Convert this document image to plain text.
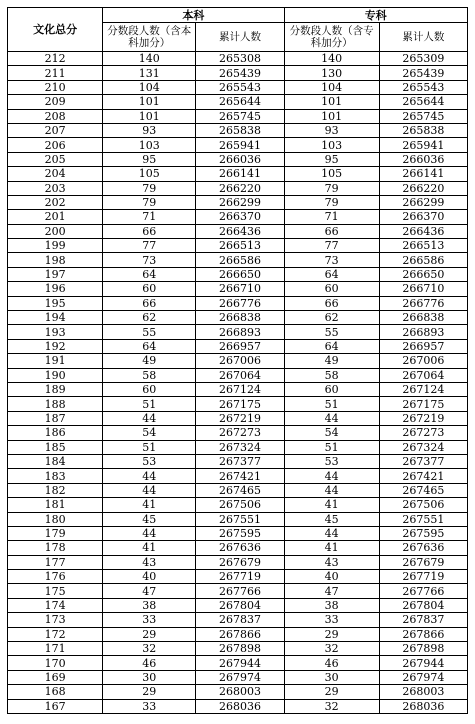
文化总分	本科		专科	
	分数段人数（含本科加分）	累计人数	分数段人数（含专科加分）	累计人数
212	140	265308	140	265309
211	131	265439	130	265439
210	104	265543	104	265543
209	101	265644	101	265644
208	101	265745	101	265745
207	93	265838	93	265838
206	103	265941	103	265941
205	95	266036	95	266036
204	105	266141	105	266141
203	79	266220	79	266220
202	79	266299	79	266299
201	71	266370	71	266370
200	66	266436	66	266436
199	77	266513	77	266513
198	73	266586	73	266586
197	64	266650	64	266650
196	60	266710	60	266710
195	66	266776	66	266776
194	62	266838	62	266838
193	55	266893	55	266893
192	64	266957	64	266957
191	49	267006	49	267006
190	58	267064	58	267064
189	60	267124	60	267124
188	51	267175	51	267175
187	44	267219	44	267219
186	54	267273	54	267273
185	51	267324	51	267324
184	53	267377	53	267377
183	44	267421	44	267421
182	44	267465	44	267465
181	41	267506	41	267506
180	45	267551	45	267551
179	44	267595	44	267595
178	41	267636	41	267636
177	43	267679	43	267679
176	40	267719	40	267719
175	47	267766	47	267766
174	38	267804	38	267804
173	33	267837	33	267837
172	29	267866	29	267866
171	32	267898	32	267898
170	46	267944	46	267944
169	30	267974	30	267974
168	29	268003	29	268003
167	33	268036	32	268036
